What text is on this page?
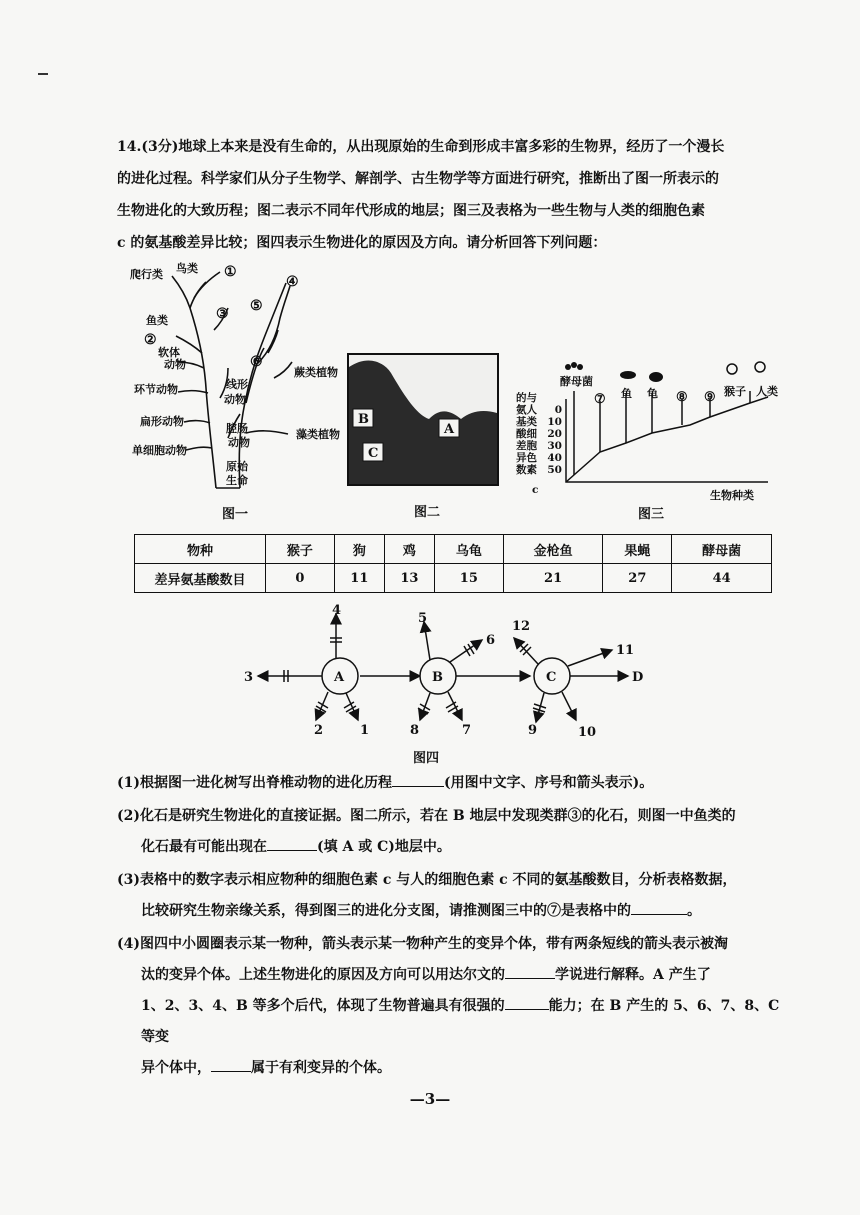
14.(3分)地球上本来是没有生命的，从出现原始的生命到形成丰富多彩的生物界，经历了一个漫长

的进化过程。科学家们从分子生物学、解剖学、古生物学等方面进行研究，推断出了图一所表示的

生物进化的大致历程；图二表示不同年代形成的地层；图三及表格为一些生物与人类的细胞色素

c 的氨基酸差异比较；图四表示生物进化的原因及方向。请分析回答下列问题：

爬行类 鸟类 ①
④
⑤
③
鱼类
②
⑥
软体
动物
蕨类植物
环节动物	线形
动物
扁形动物
腔肠
动物
藻类植物
单细胞动物
原始
生命
图一
B
C
A
图二
的与
氨人
基类
酸细
差胞
异色
数素
c
0
10
20
30
40
50
酵母菌
⑦ 鱼 龟 ⑧ ⑨ 猴子 人类
生物种类
图三
物种	猴子	狗	鸡	乌龟	金枪鱼	果蝇	酵母菌
差异氨基酸数目	0	11	13	15	21	27	44
A	B	C
2	1
3
4
5
6
7
8	9	10
11
12
D
图四

(1)根据图一进化树写出脊椎动物的进化历程	(用图中文字、序号和箭头表示)。

(2)化石是研究生物进化的直接证据。图二所示，若在 B 地层中发现类群③的化石，则图一中鱼类的

化石最有可能出现在	(填 A 或 C)地层中。

(3)表格中的数字表示相应物种的细胞色素 c 与人的细胞色素 c 不同的氨基酸数目，分析表格数据，

比较研究生物亲缘关系，得到图三的进化分支图，请推测图三中的⑦是表格中的	。

(4)图四中小圆圈表示某一物种，箭头表示某一物种产生的变异个体，带有两条短线的箭头表示被淘

汰的变异个体。上述生物进化的原因及方向可以用达尔文的	学说进行解释。A 产生了
1、2、3、4、B 等多个后代，体现了生物普遍具有很强的	能力；在 B 产生的 5、6、7、8、C 等变
异个体中，	属于有利变异的个体。

—3—
